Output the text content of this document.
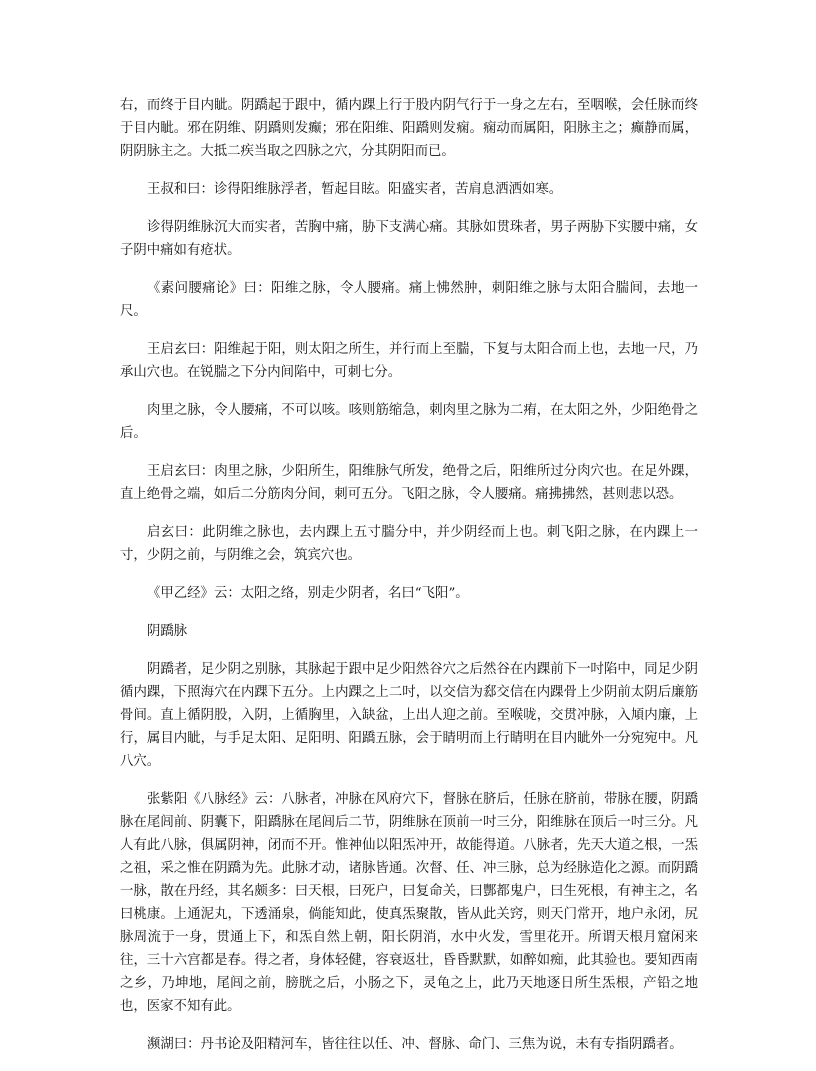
右，而终于目内眦。阴蹻起于跟中，循内踝上行于股内阴气行于一身之左右，至咽喉，会任脉而终于目内眦。邪在阴维、阴蹻则发癫；邪在阳维、阳蹻则发痫。痫动而属阳，阳脉主之；癫静而属，阴阴脉主之。大抵二疾当取之四脉之穴，分其阴阳而已。

王叔和曰：诊得阳维脉浮者，暂起目眩。阳盛实者，苦肩息洒洒如寒。

诊得阴维脉沉大而实者，苦胸中痛，胁下支满心痛。其脉如贯珠者，男子两胁下实腰中痛，女子阴中痛如有疮状。

《素问腰痛论》曰：阳维之脉，令人腰痛。痛上怫然肿，刺阳维之脉与太阳合腨间，去地一尺。

王启玄曰：阳维起于阳，则太阳之所生，并行而上至腨，下复与太阳合而上也，去地一尺，乃承山穴也。在锐腨之下分内间陷中，可刺七分。

肉里之脉，令人腰痛，不可以咳。咳则筋缩急，刺肉里之脉为二痏，在太阳之外，少阳绝骨之后。

王启玄曰：肉里之脉，少阳所生，阳维脉气所发，绝骨之后，阳维所过分肉穴也。在足外踝，直上绝骨之端，如后二分筋肉分间，刺可五分。飞阳之脉，令人腰痛。痛拂拂然，甚则悲以恐。

启玄曰：此阴维之脉也，去内踝上五寸腨分中，并少阴经而上也。刺飞阳之脉，在内踝上一寸，少阴之前，与阴维之会，筑宾穴也。

《甲乙经》云：太阳之络，别走少阴者，名曰“飞阳”。

阴蹻脉

阴蹻者，足少阴之别脉，其脉起于跟中足少阳然谷穴之后然谷在内踝前下一吋陷中，同足少阴循内踝，下照海穴在内踝下五分。上内踝之上二吋，以交信为郄交信在内踝骨上少阴前太阴后廉筋骨间。直上循阴股，入阴，上循胸里，入缺盆，上出人迎之前。至喉咙，交贯冲脉，入頄内廉，上行，属目内眦，与手足太阳、足阳明、阳蹻五脉，会于睛明而上行睛明在目内眦外一分宛宛中。凡八穴。

张紫阳《八脉经》云：八脉者，冲脉在风府穴下，督脉在脐后，任脉在脐前，带脉在腰，阴蹻脉在尾闾前、阴囊下，阳蹻脉在尾闾后二节，阴维脉在顶前一吋三分，阳维脉在顶后一吋三分。凡人有此八脉，俱属阴神，闭而不开。惟神仙以阳炁冲开，故能得道。八脉者，先天大道之根，一炁之祖，采之惟在阴蹻为先。此脉才动，诸脉皆通。次督、任、冲三脉，总为经脉造化之源。而阴蹻一脉，散在丹经，其名颇多：曰天根，曰死户，曰复命关，曰酆都鬼户，曰生死根，有神主之，名曰桃康。上通泥丸，下透涌泉，倘能知此，使真炁聚散，皆从此关窍，则天门常开，地户永闭，尻脉周流于一身，贯通上下，和炁自然上朝，阳长阴消，水中火发，雪里花开。所谓天根月窟闲来往，三十六宫都是春。得之者，身体轻健，容衰返壮，昏昏默默，如醉如痴，此其验也。要知西南之乡，乃坤地，尾闾之前，膀胱之后，小肠之下，灵龟之上，此乃天地逐日所生炁根，产铅之地也，医家不知有此。

濒湖曰：丹书论及阳精河车，皆往往以任、冲、督脉、命门、三焦为说，未有专指阴蹻者。
